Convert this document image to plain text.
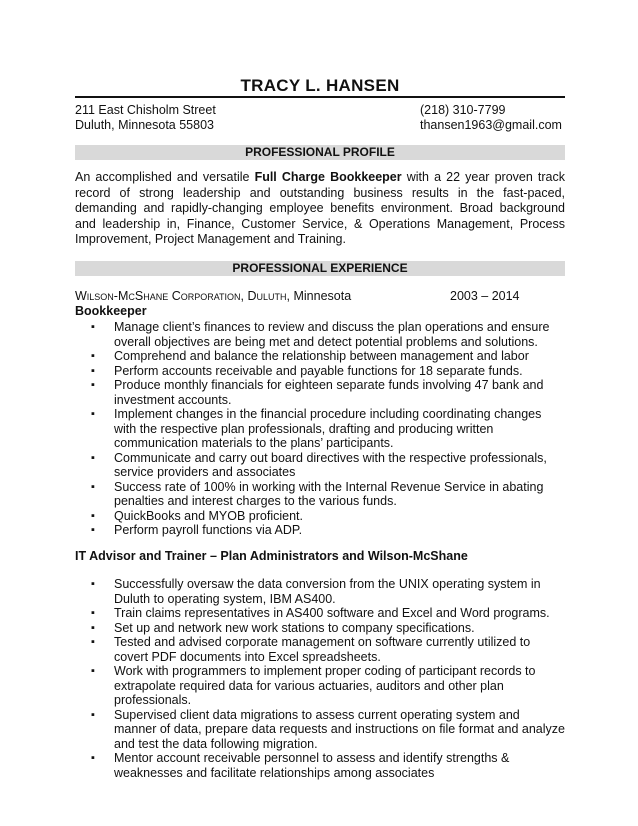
TRACY L. HANSEN
211 East Chisholm Street	(218) 310-7799
Duluth, Minnesota 55803	thansen1963@gmail.com
PROFESSIONAL PROFILE
An accomplished and versatile Full Charge Bookkeeper with a 22 year proven track record of strong leadership and outstanding business results in the fast-paced, demanding and rapidly-changing employee benefits environment. Broad background and leadership in, Finance, Customer Service, & Operations Management, Process Improvement, Project Management and Training.
PROFESSIONAL EXPERIENCE
Wilson-McShane Corporation, Duluth, Minnesota	2003 – 2014
Bookkeeper
▪ Manage client’s finances to review and discuss the plan operations and ensure overall objectives are being met and detect potential problems and solutions.
▪ Comprehend and balance the relationship between management and labor
▪ Perform accounts receivable and payable functions for 18 separate funds.
▪ Produce monthly financials for eighteen separate funds involving 47 bank and investment accounts.
▪ Implement changes in the financial procedure including coordinating changes with the respective plan professionals, drafting and producing written communication materials to the plans’ participants.
▪ Communicate and carry out board directives with the respective professionals, service providers and associates
▪ Success rate of 100% in working with the Internal Revenue Service in abating penalties and interest charges to the various funds.
▪ QuickBooks and MYOB proficient.
▪ Perform payroll functions via ADP.
IT Advisor and Trainer – Plan Administrators and Wilson-McShane
▪ Successfully oversaw the data conversion from the UNIX operating system in Duluth to operating system, IBM AS400.
▪ Train claims representatives in AS400 software and Excel and Word programs.
▪ Set up and network new work stations to company specifications.
▪ Tested and advised corporate management on software currently utilized to covert PDF documents into Excel spreadsheets.
▪ Work with programmers to implement proper coding of participant records to extrapolate required data for various actuaries, auditors and other plan professionals.
▪ Supervised client data migrations to assess current operating system and manner of data, prepare data requests and instructions on file format and analyze and test the data following migration.
▪ Mentor account receivable personnel to assess and identify strengths & weaknesses and facilitate relationships among associates
